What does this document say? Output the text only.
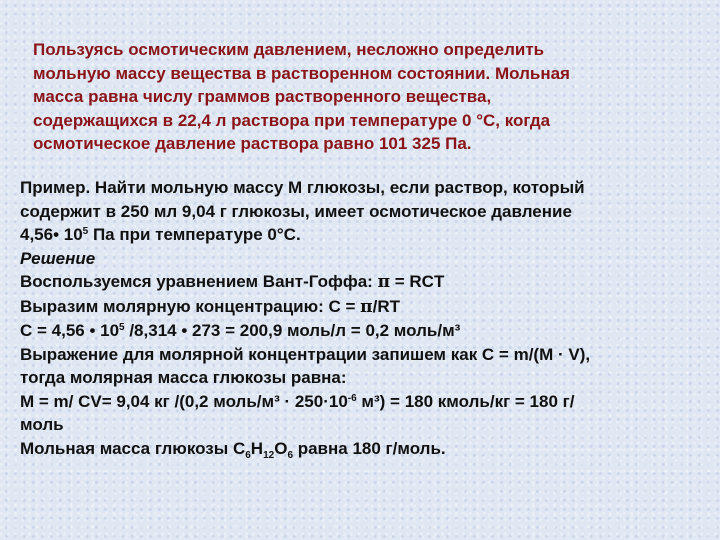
Пользуясь осмотическим давлением, несложно определить
мольную массу вещества в растворенном состоянии. Мольная
масса равна числу граммов растворенного вещества,
содержащихся в 22,4 л раствора при температуре 0 °С, когда
осмотическое давление раствора равно 101 325 Па.
Пример. Найти мольную массу М глюкозы, если раствор, который
содержит в 250 мл 9,04 г глюкозы, имеет осмотическое давление
4,56• $10^5$ Па при температуре 0°С.
Решение
Воспользуемся уравнением Вант-Гоффа: π = RCT
Выразим молярную концентрацию: С = π/RT
С = 4,56 • $10^5$ /8,314 • 273 = 200,9 моль/л = 0,2 моль/м³
Выражение для молярной концентрации запишем как С = m/(M · V),
тогда молярная масса глюкозы равна:
М = m/ CV= 9,04 кг /(0,2 моль/м³ · $250\cdot 10^{-6}$ м³) = 180 кмоль/кг = 180 г/
моль
Мольная масса глюкозы $С_6Н_{12}О_6$ равна 180 г/моль.
